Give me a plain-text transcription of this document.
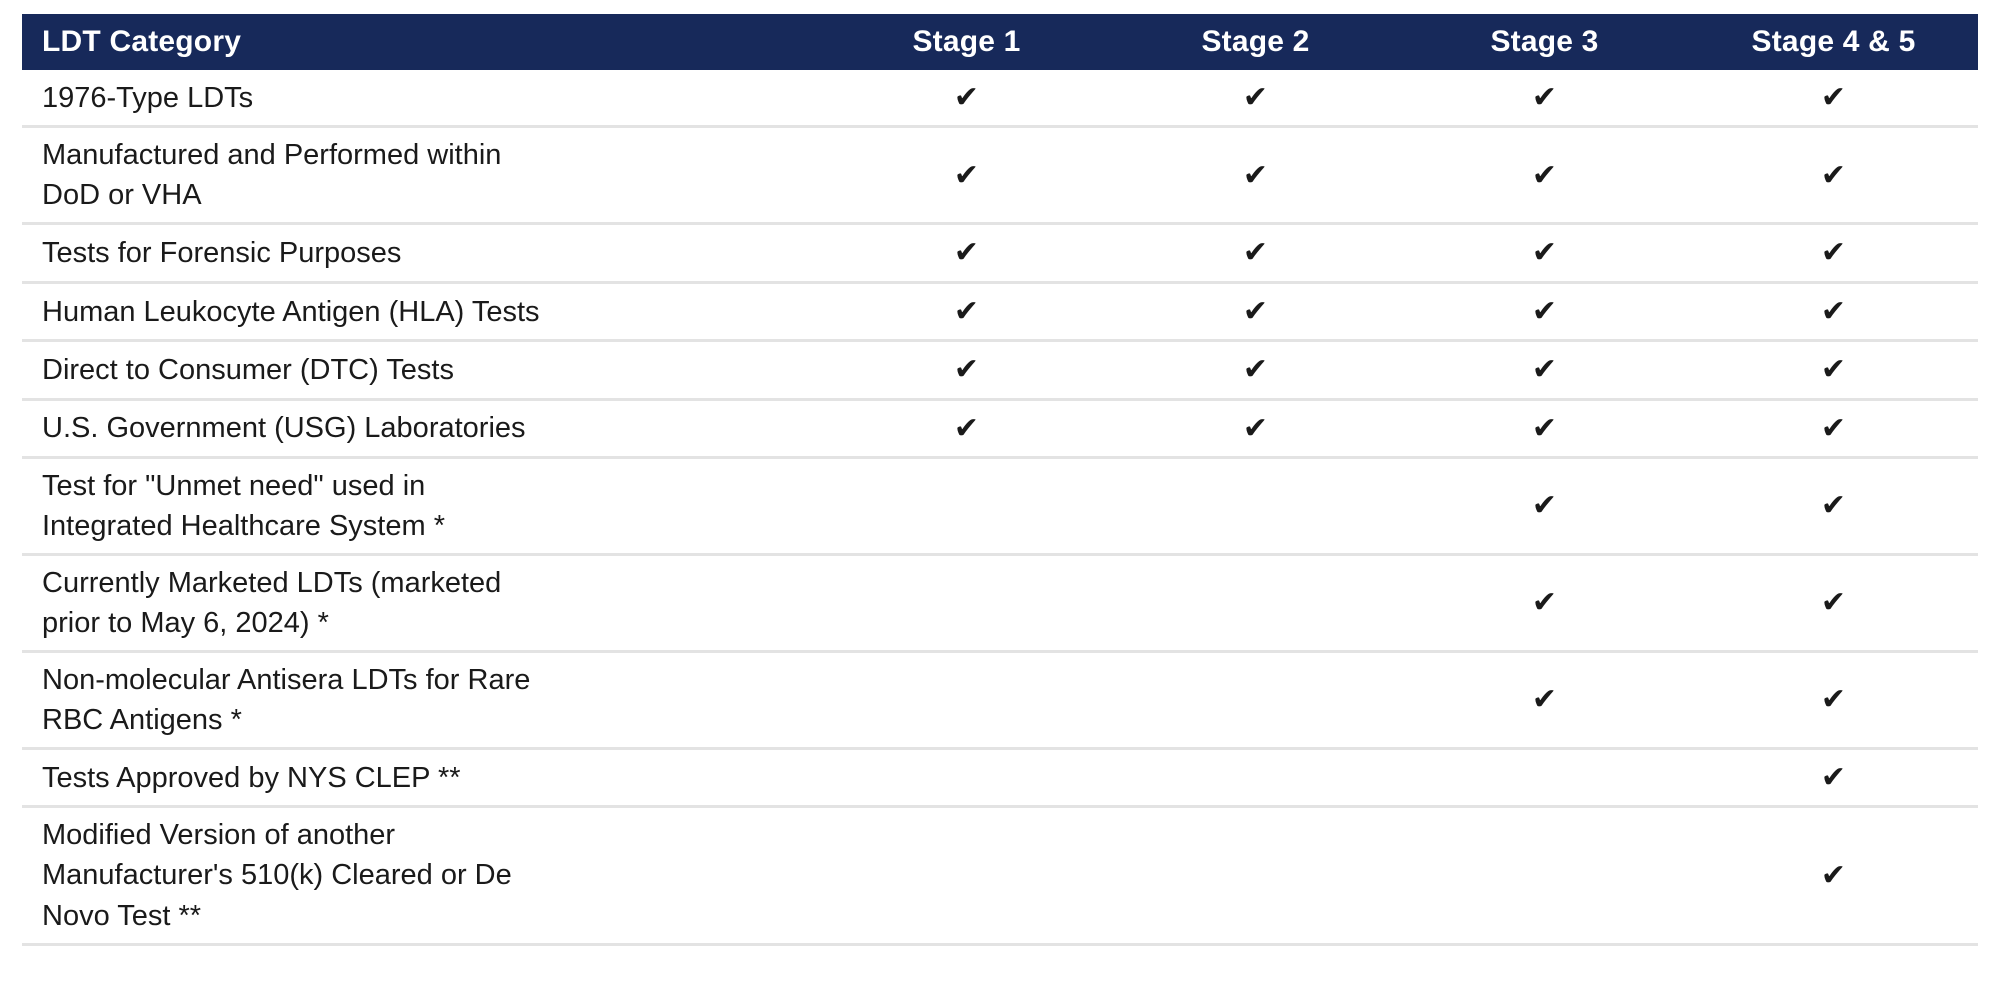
LDT Category	Stage 1	Stage 2	Stage 3	Stage 4 & 5

1976-Type LDTs	✔	✔	✔	✔

Manufactured and Performed within
DoD or VHA	✔	✔	✔	✔

Tests for Forensic Purposes	✔	✔	✔	✔

Human Leukocyte Antigen (HLA) Tests	✔	✔	✔	✔

Direct to Consumer (DTC) Tests	✔	✔	✔	✔

U.S. Government (USG) Laboratories	✔	✔	✔	✔

Test for "Unmet need" used in
Integrated Healthcare System *			✔	✔

Currently Marketed LDTs (marketed
prior to May 6, 2024) *			✔	✔

Non-molecular Antisera LDTs for Rare
RBC Antigens *			✔	✔

Tests Approved by NYS CLEP **				✔

Modified Version of another
Manufacturer's 510(k) Cleared or De
Novo Test **				✔
